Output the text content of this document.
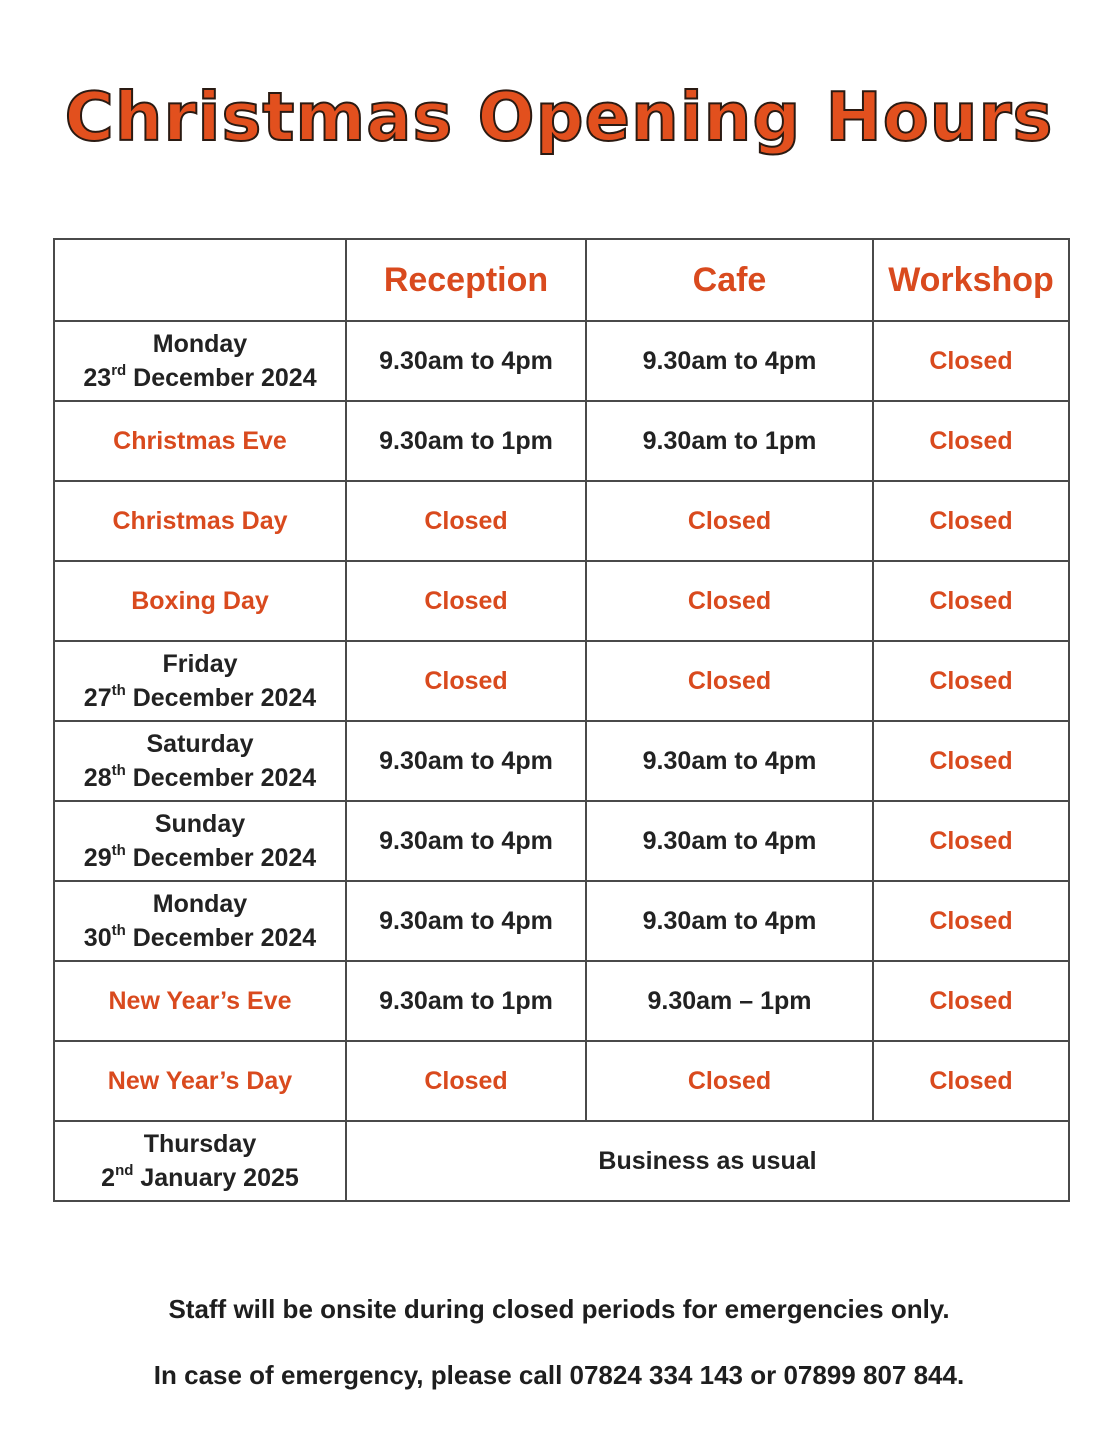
Christmas Opening Hours
	Reception	Cafe	Workshop

Monday
23rd December 2024	9.30am to 4pm	9.30am to 4pm	Closed

Christmas Eve	9.30am to 1pm	9.30am to 1pm	Closed

Christmas Day	Closed	Closed	Closed

Boxing Day	Closed	Closed	Closed

Friday
27th December 2024	Closed	Closed	Closed

Saturday
28th December 2024	9.30am to 4pm	9.30am to 4pm	Closed

Sunday
29th December 2024	9.30am to 4pm	9.30am to 4pm	Closed

Monday
30th December 2024	9.30am to 4pm	9.30am to 4pm	Closed

New Year’s Eve	9.30am to 1pm	9.30am – 1pm	Closed

New Year’s Day	Closed	Closed	Closed

Thursday
2nd January 2025	Business as usual		
Staff will be onsite during closed periods for emergencies only.
In case of emergency, please call 07824 334 143 or 07899 807 844.
